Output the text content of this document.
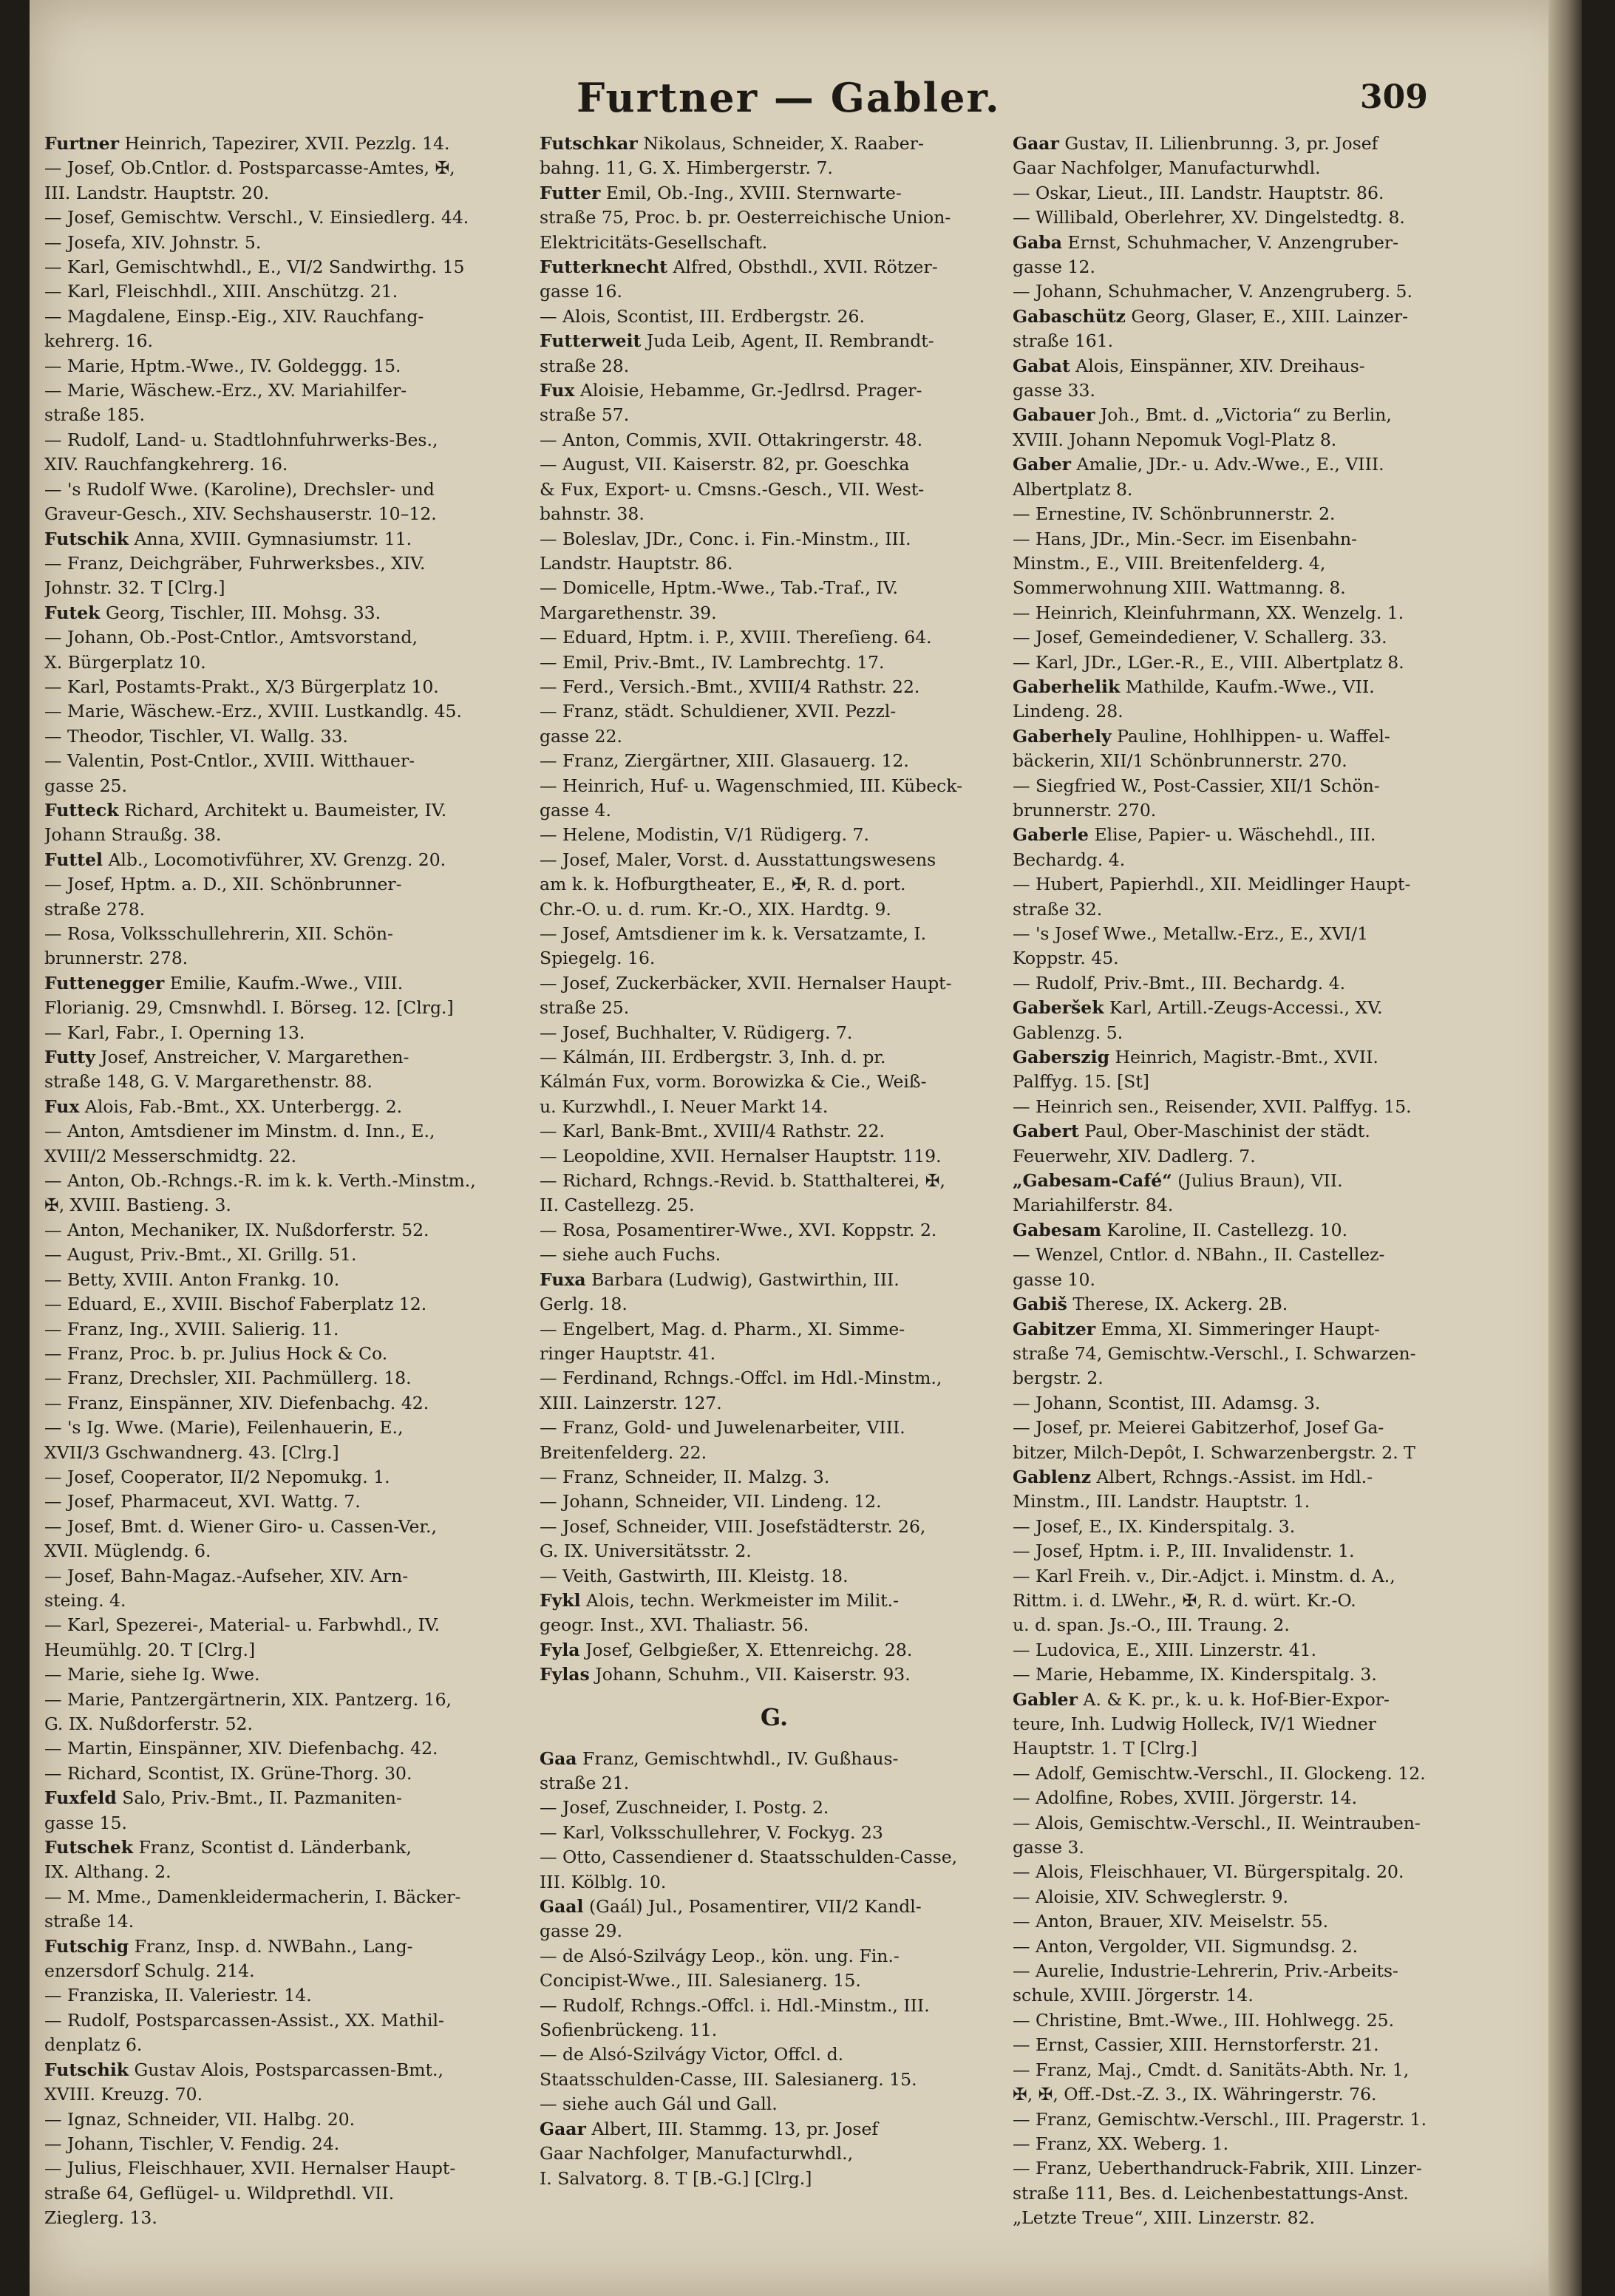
Furtner — Gabler.	309
Furtner Heinrich, Tapezirer, XVII. Pezzlg. 14.
— Josef, Ob.Cntlor. d. Postsparcasse-Amtes, ✠,
III. Landstr. Hauptstr. 20.
— Josef, Gemischtw. Verschl., V. Einsiedlerg. 44.
— Josefa, XIV. Johnstr. 5.
— Karl, Gemischtwhdl., E., VI/2 Sandwirthg. 15
— Karl, Fleischhdl., XIII. Anschützg. 21.
— Magdalene, Einsp.-Eig., XIV. Rauchfang-
kehrerg. 16.
— Marie, Hptm.-Wwe., IV. Goldeggg. 15.
— Marie, Wäschew.-Erz., XV. Mariahilfer-
straße 185.
— Rudolf, Land- u. Stadtlohnfuhrwerks-Bes.,
XIV. Rauchfangkehrerg. 16.
— 's Rudolf Wwe. (Karoline), Drechsler- und
Graveur-Gesch., XIV. Sechshauserstr. 10–12.
Futschik Anna, XVIII. Gymnasiumstr. 11.
— Franz, Deichgräber, Fuhrwerksbes., XIV.
Johnstr. 32. T [Clrg.]
Futek Georg, Tischler, III. Mohsg. 33.
— Johann, Ob.-Post-Cntlor., Amtsvorstand,
X. Bürgerplatz 10.
— Karl, Postamts-Prakt., X/3 Bürgerplatz 10.
— Marie, Wäschew.-Erz., XVIII. Lustkandlg. 45.
— Theodor, Tischler, VI. Wallg. 33.
— Valentin, Post-Cntlor., XVIII. Witthauer-
gasse 25.
Futteck Richard, Architekt u. Baumeister, IV.
Johann Straußg. 38.
Futtel Alb., Locomotivführer, XV. Grenzg. 20.
— Josef, Hptm. a. D., XII. Schönbrunner-
straße 278.
— Rosa, Volksschullehrerin, XII. Schön-
brunnerstr. 278.
Futtenegger Emilie, Kaufm.-Wwe., VIII.
Florianig. 29, Cmsnwhdl. I. Börseg. 12. [Clrg.]
— Karl, Fabr., I. Operning 13.
Futty Josef, Anstreicher, V. Margarethen-
straße 148, G. V. Margarethenstr. 88.
Fux Alois, Fab.-Bmt., XX. Unterbergg. 2.
— Anton, Amtsdiener im Minstm. d. Inn., E.,
XVIII/2 Messerschmidtg. 22.
— Anton, Ob.-Rchngs.-R. im k. k. Verth.-Minstm.,
✠, XVIII. Bastieng. 3.
— Anton, Mechaniker, IX. Nußdorferstr. 52.
— August, Priv.-Bmt., XI. Grillg. 51.
— Betty, XVIII. Anton Frankg. 10.
— Eduard, E., XVIII. Bischof Faberplatz 12.
— Franz, Ing., XVIII. Salierig. 11.
— Franz, Proc. b. pr. Julius Hock & Co.
— Franz, Drechsler, XII. Pachmüllerg. 18.
— Franz, Einspänner, XIV. Diefenbachg. 42.
— 's Ig. Wwe. (Marie), Feilenhauerin, E.,
XVII/3 Gschwandnerg. 43. [Clrg.]
— Josef, Cooperator, II/2 Nepomukg. 1.
— Josef, Pharmaceut, XVI. Wattg. 7.
— Josef, Bmt. d. Wiener Giro- u. Cassen-Ver.,
XVII. Müglendg. 6.
— Josef, Bahn-Magaz.-Aufseher, XIV. Arn-
steing. 4.
— Karl, Spezerei-, Material- u. Farbwhdl., IV.
Heumühlg. 20. T [Clrg.]
— Marie, siehe Ig. Wwe.
— Marie, Pantzergärtnerin, XIX. Pantzerg. 16,
G. IX. Nußdorferstr. 52.
— Martin, Einspänner, XIV. Diefenbachg. 42.
— Richard, Scontist, IX. Grüne-Thorg. 30.
Fuxfeld Salo, Priv.-Bmt., II. Pazmaniten-
gasse 15.
Futschek Franz, Scontist d. Länderbank,
IX. Althang. 2.
— M. Mme., Damenkleidermacherin, I. Bäcker-
straße 14.
Futschig Franz, Insp. d. NWBahn., Lang-
enzersdorf Schulg. 214.
— Franziska, II. Valeriestr. 14.
— Rudolf, Postsparcassen-Assist., XX. Mathil-
denplatz 6.
Futschik Gustav Alois, Postsparcassen-Bmt.,
XVIII. Kreuzg. 70.
— Ignaz, Schneider, VII. Halbg. 20.
— Johann, Tischler, V. Fendig. 24.
— Julius, Fleischhauer, XVII. Hernalser Haupt-
straße 64, Geflügel- u. Wildprethdl. VII.
Zieglerg. 13.
Futschkar Nikolaus, Schneider, X. Raaber-
bahng. 11, G. X. Himbergerstr. 7.
Futter Emil, Ob.-Ing., XVIII. Sternwarte-
straße 75, Proc. b. pr. Oesterreichische Union-
Elektricitäts-Gesellschaft.
Futterknecht Alfred, Obsthdl., XVII. Rötzer-
gasse 16.
— Alois, Scontist, III. Erdbergstr. 26.
Futterweit Juda Leib, Agent, II. Rembrandt-
straße 28.
Fux Aloisie, Hebamme, Gr.-Jedlrsd. Prager-
straße 57.
— Anton, Commis, XVII. Ottakringerstr. 48.
— August, VII. Kaiserstr. 82, pr. Goeschka
& Fux, Export- u. Cmsns.-Gesch., VII. West-
bahnstr. 38.
— Boleslav, JDr., Conc. i. Fin.-Minstm., III.
Landstr. Hauptstr. 86.
— Domicelle, Hptm.-Wwe., Tab.-Traf., IV.
Margarethenstr. 39.
— Eduard, Hptm. i. P., XVIII. Thereſieng. 64.
— Emil, Priv.-Bmt., IV. Lambrechtg. 17.
— Ferd., Versich.-Bmt., XVIII/4 Rathstr. 22.
— Franz, städt. Schuldiener, XVII. Pezzl-
gasse 22.
— Franz, Ziergärtner, XIII. Glasauerg. 12.
— Heinrich, Huf- u. Wagenschmied, III. Kübeck-
gasse 4.
— Helene, Modistin, V/1 Rüdigerg. 7.
— Josef, Maler, Vorst. d. Ausstattungswesens
am k. k. Hofburgtheater, E., ✠, R. d. port.
Chr.-O. u. d. rum. Kr.-O., XIX. Hardtg. 9.
— Josef, Amtsdiener im k. k. Versatzamte, I.
Spiegelg. 16.
— Josef, Zuckerbäcker, XVII. Hernalser Haupt-
straße 25.
— Josef, Buchhalter, V. Rüdigerg. 7.
— Kálmán, III. Erdbergstr. 3, Inh. d. pr.
Kálmán Fux, vorm. Borowizka & Cie., Weiß-
u. Kurzwhdl., I. Neuer Markt 14.
— Karl, Bank-Bmt., XVIII/4 Rathstr. 22.
— Leopoldine, XVII. Hernalser Hauptstr. 119.
— Richard, Rchngs.-Revid. b. Statthalterei, ✠,
II. Castellezg. 25.
— Rosa, Posamentirer-Wwe., XVI. Koppstr. 2.
— siehe auch Fuchs.
Fuxa Barbara (Ludwig), Gastwirthin, III.
Gerlg. 18.
— Engelbert, Mag. d. Pharm., XI. Simme-
ringer Hauptstr. 41.
— Ferdinand, Rchngs.-Offcl. im Hdl.-Minstm.,
XIII. Lainzerstr. 127.
— Franz, Gold- und Juwelenarbeiter, VIII.
Breitenfelderg. 22.
— Franz, Schneider, II. Malzg. 3.
— Johann, Schneider, VII. Lindeng. 12.
— Josef, Schneider, VIII. Josefstädterstr. 26,
G. IX. Universitätsstr. 2.
— Veith, Gastwirth, III. Kleistg. 18.
Fykl Alois, techn. Werkmeister im Milit.-
geogr. Inst., XVI. Thaliastr. 56.
Fyla Josef, Gelbgießer, X. Ettenreichg. 28.
Fylas Johann, Schuhm., VII. Kaiserstr. 93.
G.
Gaa Franz, Gemischtwhdl., IV. Gußhaus-
straße 21.
— Josef, Zuschneider, I. Postg. 2.
— Karl, Volksschullehrer, V. Fockyg. 23
— Otto, Cassendiener d. Staatsschulden-Casse,
III. Kölblg. 10.
Gaal (Gaál) Jul., Posamentirer, VII/2 Kandl-
gasse 29.
— de Alsó-Szilvágy Leop., kön. ung. Fin.-
Concipist-Wwe., III. Salesianerg. 15.
— Rudolf, Rchngs.-Offcl. i. Hdl.-Minstm., III.
Sofienbrückeng. 11.
— de Alsó-Szilvágy Victor, Offcl. d.
Staatsschulden-Casse, III. Salesianerg. 15.
— siehe auch Gál und Gall.
Gaar Albert, III. Stammg. 13, pr. Josef
Gaar Nachfolger, Manufacturwhdl.,
I. Salvatorg. 8. T [B.-G.] [Clrg.]
Gaar Gustav, II. Lilienbrunng. 3, pr. Josef
Gaar Nachfolger, Manufacturwhdl.
— Oskar, Lieut., III. Landstr. Hauptstr. 86.
— Willibald, Oberlehrer, XV. Dingelstedtg. 8.
Gaba Ernst, Schuhmacher, V. Anzengruber-
gasse 12.
— Johann, Schuhmacher, V. Anzengruberg. 5.
Gabaschütz Georg, Glaser, E., XIII. Lainzer-
straße 161.
Gabat Alois, Einspänner, XIV. Dreihaus-
gasse 33.
Gabauer Joh., Bmt. d. „Victoria“ zu Berlin,
XVIII. Johann Nepomuk Vogl-Platz 8.
Gaber Amalie, JDr.- u. Adv.-Wwe., E., VIII.
Albertplatz 8.
— Ernestine, IV. Schönbrunnerstr. 2.
— Hans, JDr., Min.-Secr. im Eisenbahn-
Minstm., E., VIII. Breitenfelderg. 4,
Sommerwohnung XIII. Wattmanng. 8.
— Heinrich, Kleinfuhrmann, XX. Wenzelg. 1.
— Josef, Gemeindediener, V. Schallerg. 33.
— Karl, JDr., LGer.-R., E., VIII. Albertplatz 8.
Gaberhelik Mathilde, Kaufm.-Wwe., VII.
Lindeng. 28.
Gaberhely Pauline, Hohlhippen- u. Waffel-
bäckerin, XII/1 Schönbrunnerstr. 270.
— Siegfried W., Post-Cassier, XII/1 Schön-
brunnerstr. 270.
Gaberle Elise, Papier- u. Wäschehdl., III.
Bechardg. 4.
— Hubert, Papierhdl., XII. Meidlinger Haupt-
straße 32.
— 's Josef Wwe., Metallw.-Erz., E., XVI/1
Koppstr. 45.
— Rudolf, Priv.-Bmt., III. Bechardg. 4.
Gaberšek Karl, Artill.-Zeugs-Accessi., XV.
Gablenzg. 5.
Gaberszig Heinrich, Magistr.-Bmt., XVII.
Palffyg. 15. [St]
— Heinrich sen., Reisender, XVII. Palffyg. 15.
Gabert Paul, Ober-Maschinist der städt.
Feuerwehr, XIV. Dadlerg. 7.
„Gabesam-Café“ (Julius Braun), VII.
Mariahilferstr. 84.
Gabesam Karoline, II. Castellezg. 10.
— Wenzel, Cntlor. d. NBahn., II. Castellez-
gasse 10.
Gabiš Therese, IX. Ackerg. 2B.
Gabitzer Emma, XI. Simmeringer Haupt-
straße 74, Gemischtw.-Verschl., I. Schwarzen-
bergstr. 2.
— Johann, Scontist, III. Adamsg. 3.
— Josef, pr. Meierei Gabitzerhof, Josef Ga-
bitzer, Milch-Depôt, I. Schwarzenbergstr. 2. T
Gablenz Albert, Rchngs.-Assist. im Hdl.-
Minstm., III. Landstr. Hauptstr. 1.
— Josef, E., IX. Kinderspitalg. 3.
— Josef, Hptm. i. P., III. Invalidenstr. 1.
— Karl Freih. v., Dir.-Adjct. i. Minstm. d. A.,
Rittm. i. d. LWehr., ✠, R. d. würt. Kr.-O.
u. d. span. Js.-O., III. Traung. 2.
— Ludovica, E., XIII. Linzerstr. 41.
— Marie, Hebamme, IX. Kinderspitalg. 3.
Gabler A. & K. pr., k. u. k. Hof-Bier-Expor-
teure, Inh. Ludwig Holleck, IV/1 Wiedner
Hauptstr. 1. T [Clrg.]
— Adolf, Gemischtw.-Verschl., II. Glockeng. 12.
— Adolfine, Robes, XVIII. Jörgerstr. 14.
— Alois, Gemischtw.-Verschl., II. Weintrauben-
gasse 3.
— Alois, Fleischhauer, VI. Bürgerspitalg. 20.
— Aloisie, XIV. Schweglerstr. 9.
— Anton, Brauer, XIV. Meiselstr. 55.
— Anton, Vergolder, VII. Sigmundsg. 2.
— Aurelie, Industrie-Lehrerin, Priv.-Arbeits-
schule, XVIII. Jörgerstr. 14.
— Christine, Bmt.-Wwe., III. Hohlwegg. 25.
— Ernst, Cassier, XIII. Hernstorferstr. 21.
— Franz, Maj., Cmdt. d. Sanitäts-Abth. Nr. 1,
✠, ✠, Off.-Dst.-Z. 3., IX. Währingerstr. 76.
— Franz, Gemischtw.-Verschl., III. Pragerstr. 1.
— Franz, XX. Weberg. 1.
— Franz, Ueberthandruck-Fabrik, XIII. Linzer-
straße 111, Bes. d. Leichenbestattungs-Anst.
„Letzte Treue“, XIII. Linzerstr. 82.
